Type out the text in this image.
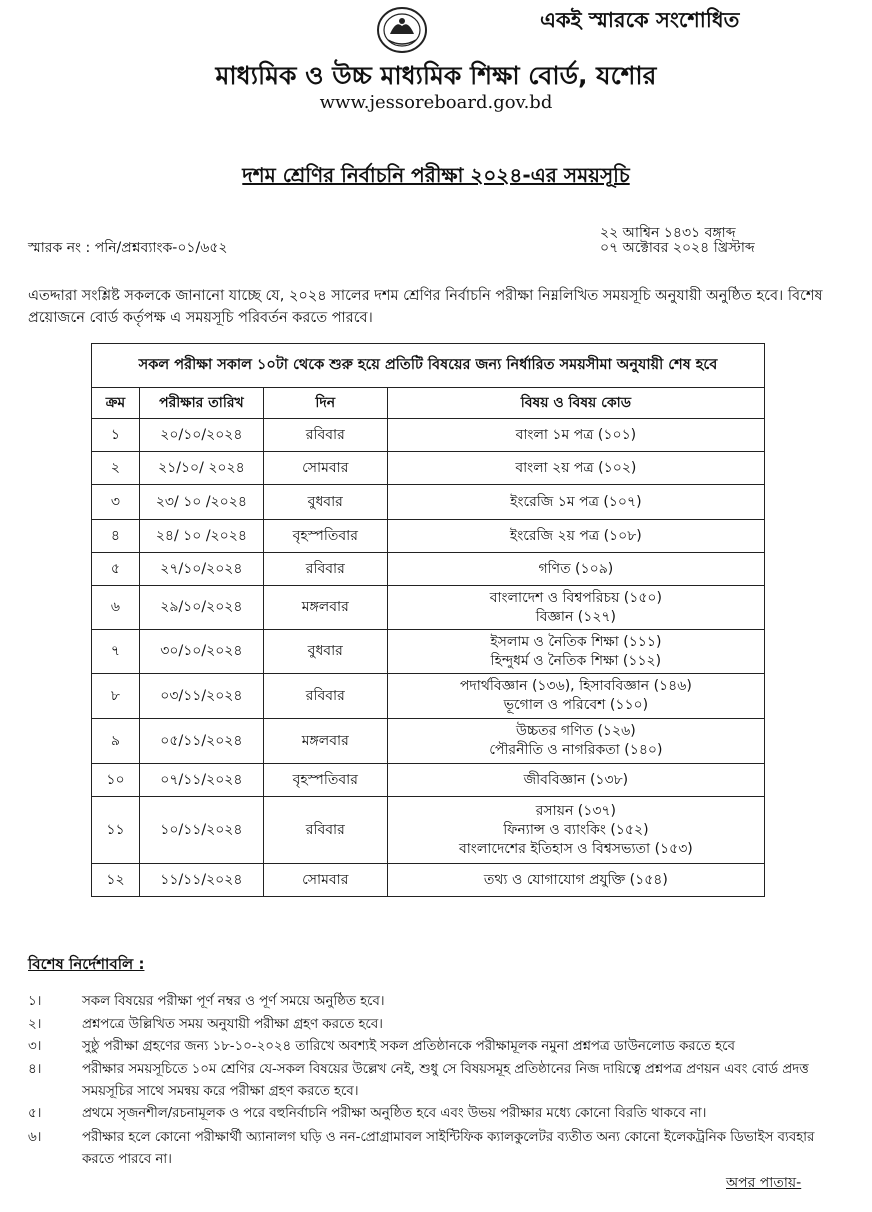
একই স্মারকে সংশোধিত
মাধ্যমিক ও উচ্চ মাধ্যমিক শিক্ষা বোর্ড, যশোর
www.jessoreboard.gov.bd
দশম শ্রেণির নির্বাচনি পরীক্ষা ২০২৪-এর সময়সূচি
২২ আশ্বিন ১৪৩১ বঙ্গাব্দ
স্মারক নং : পনি/প্রশ্নব্যাংক-০১/৬৫২	০৭ অক্টোবর ২০২৪ খ্রিস্টাব্দ
এতদ্দারা সংশ্লিষ্ট সকলকে জানানো যাচ্ছে যে, ২০২৪ সালের দশম শ্রেণির নির্বাচনি পরীক্ষা নিম্নলিখিত সময়সূচি অনুযায়ী অনুষ্ঠিত হবে। বিশেষ প্রয়োজনে বোর্ড কর্তৃপক্ষ এ সময়সূচি পরিবর্তন করতে পারবে।
সকল পরীক্ষা সকাল ১০টা থেকে শুরু হয়ে প্রতিটি বিষয়ের জন্য নির্ধারিত সময়সীমা অনুযায়ী শেষ হবে			
ক্রম	পরীক্ষার তারিখ	দিন	বিষয় ও বিষয় কোড
১	২০/১০/২০২৪	রবিবার	বাংলা ১ম পত্র (১০১)

২	২১/১০/ ২০২৪	সোমবার	বাংলা ২য় পত্র (১০২)

৩	২৩/ ১০ /২০২৪	বুধবার	ইংরেজি ১ম পত্র (১০৭)

৪	২৪/ ১০ /২০২৪	বৃহস্পতিবার	ইংরেজি ২য় পত্র (১০৮)

৫	২৭/১০/২০২৪	রবিবার	গণিত (১০৯)

৬	২৯/১০/২০২৪	মঙ্গলবার	বাংলাদেশ ও বিশ্বপরিচয় (১৫০)
বিজ্ঞান (১২৭)

৭	৩০/১০/২০২৪	বুধবার	ইসলাম ও নৈতিক শিক্ষা (১১১)
হিন্দুধর্ম ও নৈতিক শিক্ষা (১১২)

৮	০৩/১১/২০২৪	রবিবার	পদার্থবিজ্ঞান (১৩৬), হিসাববিজ্ঞান (১৪৬)
ভূগোল ও পরিবেশ (১১০)

৯	০৫/১১/২০২৪	মঙ্গলবার	উচ্চতর গণিত (১২৬)
পৌরনীতি ও নাগরিকতা (১৪০)

১০	০৭/১১/২০২৪	বৃহস্পতিবার	জীববিজ্ঞান (১৩৮)

১১	১০/১১/২০২৪	রবিবার	রসায়ন (১৩৭)
ফিন্যান্স ও ব্যাংকিং (১৫২)
বাংলাদেশের ইতিহাস ও বিশ্বসভ্যতা (১৫৩)

১২	১১/১১/২০২৪	সোমবার	তথ্য ও যোগাযোগ প্রযুক্তি (১৫৪)
বিশেষ নির্দেশাবলি :
১।	সকল বিষয়ের পরীক্ষা পূর্ণ নম্বর ও পূর্ণ সময়ে অনুষ্ঠিত হবে।
২।	প্রশ্নপত্রে উল্লিখিত সময় অনুযায়ী পরীক্ষা গ্রহণ করতে হবে।
৩।	সুষ্ঠু পরীক্ষা গ্রহণের জন্য ১৮-১০-২০২৪ তারিখে অবশ্যই সকল প্রতিষ্ঠানকে পরীক্ষামূলক নমুনা প্রশ্নপত্র ডাউনলোড করতে হবে
৪।	পরীক্ষার সময়সূচিতে ১০ম শ্রেণির যে-সকল বিষয়ের উল্লেখ নেই, শুধু সে বিষয়সমূহ প্রতিষ্ঠানের নিজ দায়িত্বে প্রশ্নপত্র প্রণয়ন এবং বোর্ড প্রদত্ত সময়সূচির সাথে সমন্বয় করে পরীক্ষা গ্রহণ করতে হবে।
৫।	প্রথমে সৃজনশীল/রচনামূলক ও পরে বহুনির্বাচনি পরীক্ষা অনুষ্ঠিত হবে এবং উভয় পরীক্ষার মধ্যে কোনো বিরতি থাকবে না।
৬।	পরীক্ষার হলে কোনো পরীক্ষার্থী অ্যানালগ ঘড়ি ও নন-প্রোগ্রামাবল সাইন্টিফিক ক্যালকুলেটর ব্যতীত অন্য কোনো ইলেকট্রনিক ডিভাইস ব্যবহার করতে পারবে না।
অপর পাতায়-
